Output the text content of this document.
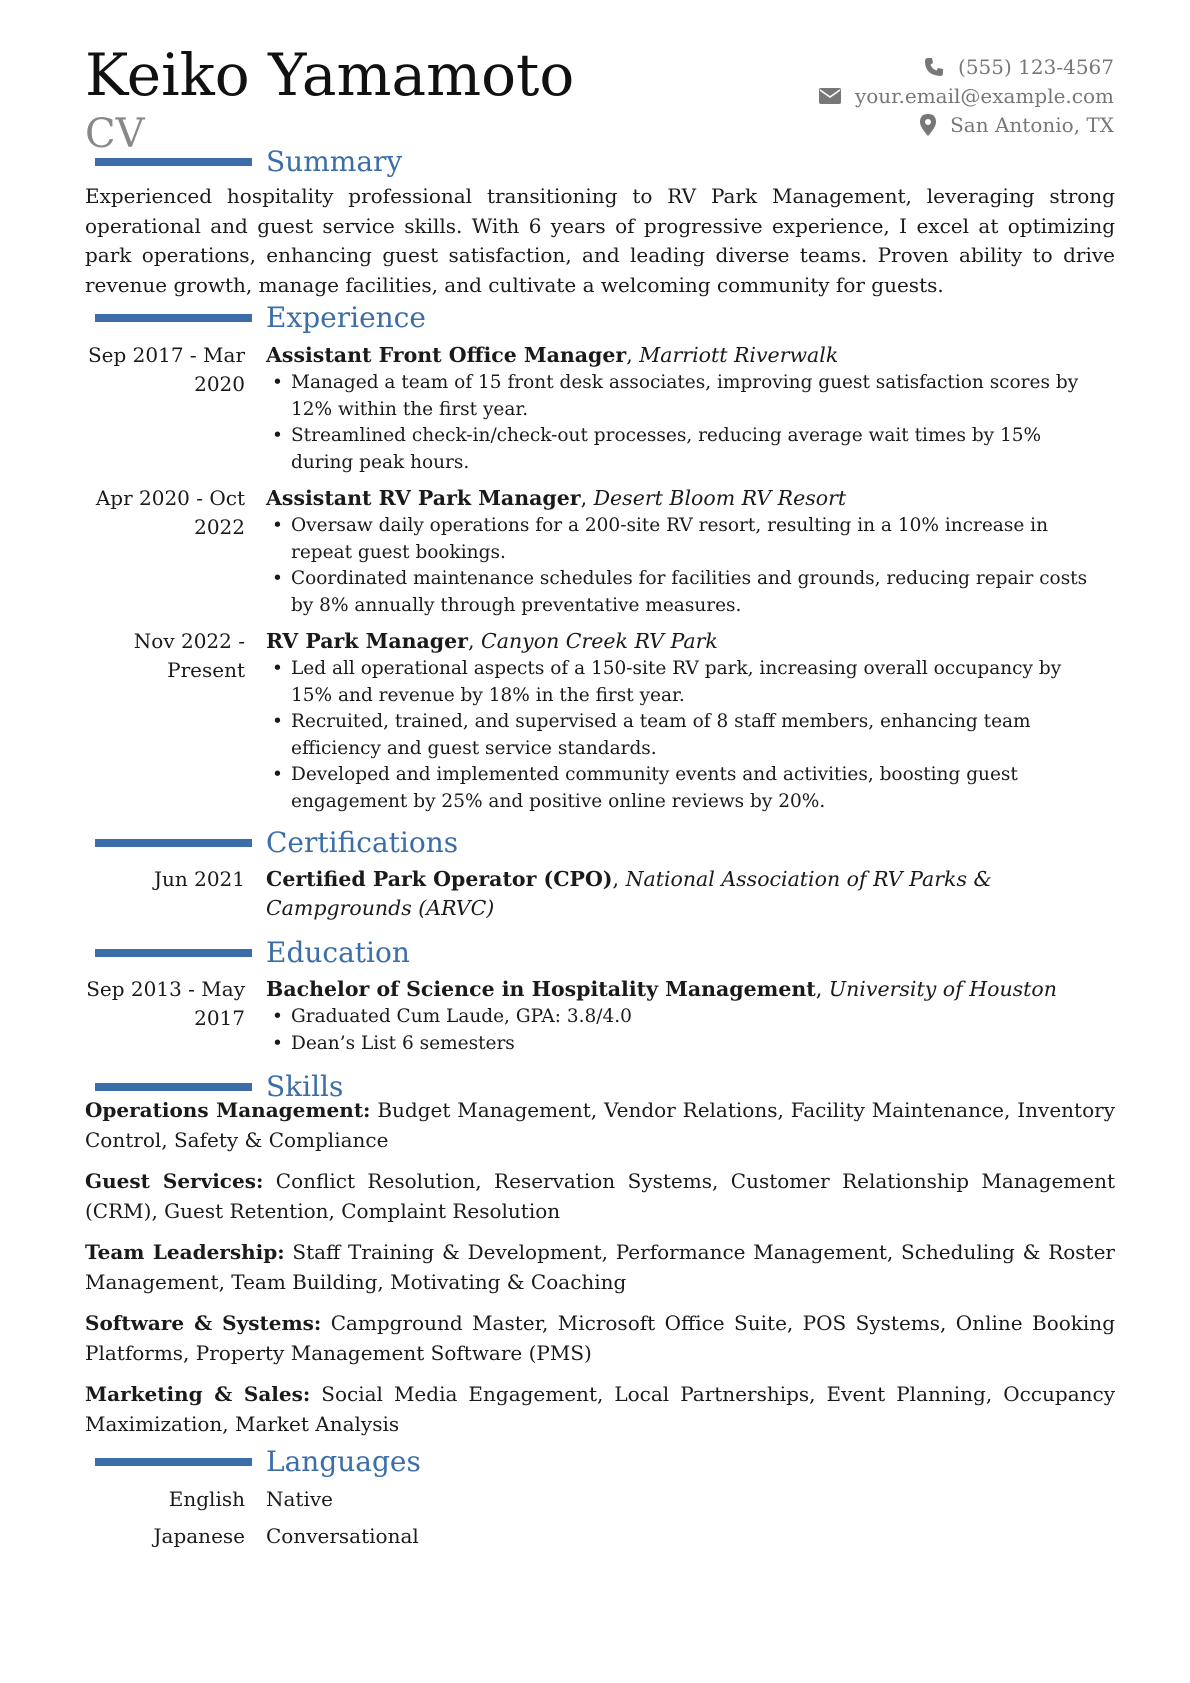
Keiko Yamamoto
CV
(555) 123-4567
your.email@example.com
San Antonio, TX
Summary
Experienced hospitality professional transitioning to RV Park Management, leveraging strong operational and guest service skills. With 6 years of progressive experience, I excel at optimizing park operations, enhancing guest satisfaction, and leading diverse teams. Proven ability to drive revenue growth, manage facilities, and cultivate a welcoming community for guests.
Experience
Sep 2017 - Mar 2020
Assistant Front Office Manager, Marriott Riverwalk
• Managed a team of 15 front desk associates, improving guest satisfaction scores by 12% within the first year.
• Streamlined check-in/check-out processes, reducing average wait times by 15% during peak hours.
Apr 2020 - Oct 2022
Assistant RV Park Manager, Desert Bloom RV Resort
• Oversaw daily operations for a 200-site RV resort, resulting in a 10% increase in repeat guest bookings.
• Coordinated maintenance schedules for facilities and grounds, reducing repair costs by 8% annually through preventative measures.
Nov 2022 - Present
RV Park Manager, Canyon Creek RV Park
• Led all operational aspects of a 150-site RV park, increasing overall occupancy by 15% and revenue by 18% in the first year.
• Recruited, trained, and supervised a team of 8 staff members, enhancing team efficiency and guest service standards.
• Developed and implemented community events and activities, boosting guest engagement by 25% and positive online reviews by 20%.
Certifications
Jun 2021 Certified Park Operator (CPO), National Association of RV Parks & Campgrounds (ARVC)
Education
Sep 2013 - May 2017
Bachelor of Science in Hospitality Management, University of Houston
• Graduated Cum Laude, GPA: 3.8/4.0
• Dean’s List 6 semesters
Skills
Operations Management: Budget Management, Vendor Relations, Facility Maintenance, Inventory Control, Safety & Compliance
Guest Services: Conflict Resolution, Reservation Systems, Customer Relationship Management (CRM), Guest Retention, Complaint Resolution
Team Leadership: Staff Training & Development, Performance Management, Scheduling & Roster Management, Team Building, Motivating & Coaching
Software & Systems: Campground Master, Microsoft Office Suite, POS Systems, Online Booking Platforms, Property Management Software (PMS)
Marketing & Sales: Social Media Engagement, Local Partnerships, Event Planning, Occupancy Maximization, Market Analysis
Languages
English Native
Japanese Conversational
